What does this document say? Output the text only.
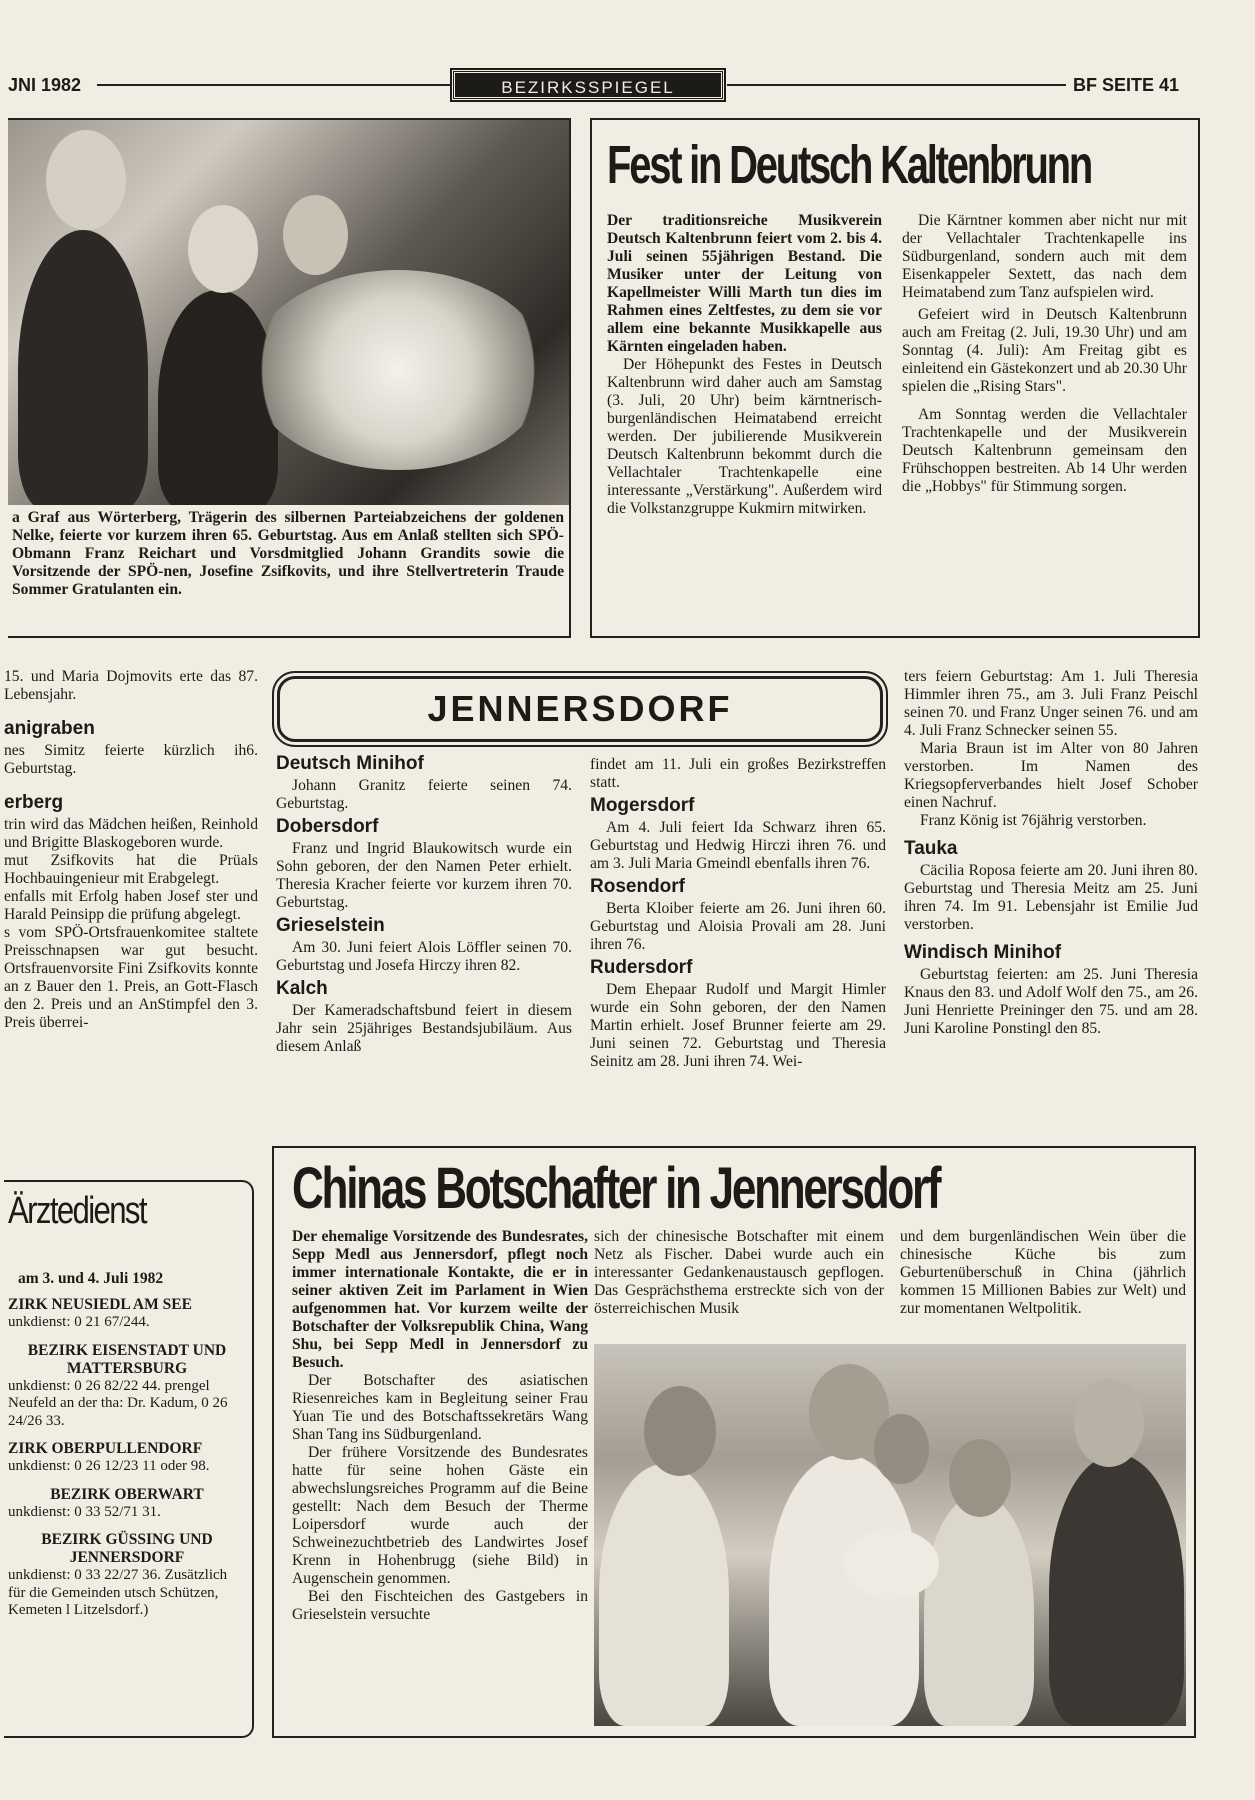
JNI 1982	BEZIRKSSPIEGEL	BF SEITE 41

a Graf aus Wörterberg, Trägerin des silbernen Parteiabzeichens der goldenen Nelke, feierte vor kurzem ihren 65. Geburtstag. Aus em Anlaß stellten sich SPÖ-Obmann Franz Reichart und Vorsdmitglied Johann Grandits sowie die Vorsitzende der SPÖ-nen, Josefine Zsifkovits, und ihre Stellvertreterin Traude Sommer Gratulanten ein.

Fest in Deutsch Kaltenbrunn

Der traditionsreiche Musikverein Deutsch Kaltenbrunn feiert vom 2. bis 4. Juli seinen 55jährigen Bestand. Die Musiker unter der Leitung von Kapellmeister Willi Marth tun dies im Rahmen eines Zeltfestes, zu dem sie vor allem eine bekannte Musikkapelle aus Kärnten eingeladen haben.

Der Höhepunkt des Festes in Deutsch Kaltenbrunn wird daher auch am Samstag (3. Juli, 20 Uhr) beim kärntnerisch-burgenländischen Heimatabend erreicht werden. Der jubilierende Musikverein Deutsch Kaltenbrunn bekommt durch die Vellachtaler Trachtenkapelle eine interessante „Verstärkung". Außerdem wird die Volkstanzgruppe Kukmirn mitwirken.

Die Kärntner kommen aber nicht nur mit der Vellachtaler Trachtenkapelle ins Südburgenland, sondern auch mit dem Eisenkappeler Sextett, das nach dem Heimatabend zum Tanz aufspielen wird.

Gefeiert wird in Deutsch Kaltenbrunn auch am Freitag (2. Juli, 19.30 Uhr) und am Sonntag (4. Juli): Am Freitag gibt es einleitend ein Gästekonzert und ab 20.30 Uhr spielen die „Rising Stars".

Am Sonntag werden die Vellachtaler Trachtenkapelle und der Musikverein Deutsch Kaltenbrunn gemeinsam den Frühschoppen bestreiten. Ab 14 Uhr werden die „Hobbys" für Stimmung sorgen.

15. und Maria Dojmovits erte das 87. Lebensjahr.

anigraben

nes Simitz feierte kürzlich ih6. Geburtstag.

erberg

trin wird das Mädchen heißen, Reinhold und Brigitte Blaskogeboren wurde.

mut Zsifkovits hat die Prüals Hochbauingenieur mit Erabgelegt.

enfalls mit Erfolg haben Josef ster und Harald Peinsipp die prüfung abgelegt.

s vom SPÖ-Ortsfrauenkomitee staltete Preisschnapsen war gut besucht. Ortsfrauenvorsite Fini Zsifkovits konnte an z Bauer den 1. Preis, an Gott-Flasch den 2. Preis und an AnStimpfel den 3. Preis überrei-

JENNERSDORF
Deutsch Minihof

Johann Granitz feierte seinen 74. Geburtstag.

Dobersdorf

Franz und Ingrid Blaukowitsch wurde ein Sohn geboren, der den Namen Peter erhielt. Theresia Kracher feierte vor kurzem ihren 70. Geburtstag.

Grieselstein

Am 30. Juni feiert Alois Löffler seinen 70. Geburtstag und Josefa Hirczy ihren 82.

Kalch

Der Kameradschaftsbund feiert in diesem Jahr sein 25jähriges Bestandsjubiläum. Aus diesem Anlaß

findet am 11. Juli ein großes Bezirkstreffen statt.

Mogersdorf

Am 4. Juli feiert Ida Schwarz ihren 65. Geburtstag und Hedwig Hirczi ihren 76. und am 3. Juli Maria Gmeindl ebenfalls ihren 76.

Rosendorf

Berta Kloiber feierte am 26. Juni ihren 60. Geburtstag und Aloisia Provali am 28. Juni ihren 76.

Rudersdorf

Dem Ehepaar Rudolf und Margit Himler wurde ein Sohn geboren, der den Namen Martin erhielt. Josef Brunner feierte am 29. Juni seinen 72. Geburtstag und Theresia Seinitz am 28. Juni ihren 74. Wei-

ters feiern Geburtstag: Am 1. Juli Theresia Himmler ihren 75., am 3. Juli Franz Peischl seinen 70. und Franz Unger seinen 76. und am 4. Juli Franz Schnecker seinen 55.

Maria Braun ist im Alter von 80 Jahren verstorben. Im Namen des Kriegsopferverbandes hielt Josef Schober einen Nachruf.

Franz König ist 76jährig verstorben.

Tauka

Cäcilia Roposa feierte am 20. Juni ihren 80. Geburtstag und Theresia Meitz am 25. Juni ihren 74. Im 91. Lebensjahr ist Emilie Jud verstorben.

Windisch Minihof

Geburtstag feierten: am 25. Juni Theresia Knaus den 83. und Adolf Wolf den 75., am 26. Juni Henriette Preininger den 75. und am 28. Juni Karoline Ponstingl den 85.

Ärztedienst
am 3. und 4. Juli 1982
ZIRK NEUSIEDL AM SEE
unkdienst: 0 21 67/244.
BEZIRK EISENSTADT UND MATTERSBURG
unkdienst: 0 26 82/22 44. prengel Neufeld an der tha: Dr. Kadum, 0 26 24/26 33.
ZIRK OBERPULLENDORF
unkdienst: 0 26 12/23 11 oder 98.
BEZIRK OBERWART
unkdienst: 0 33 52/71 31.
BEZIRK GÜSSING UND JENNERSDORF
unkdienst: 0 33 22/27 36. Zusätzlich für die Gemeinden utsch Schützen, Kemeten l Litzelsdorf.)
Chinas Botschafter in Jennersdorf

Der ehemalige Vorsitzende des Bundesrates, Sepp Medl aus Jennersdorf, pflegt noch immer internationale Kontakte, die er in seiner aktiven Zeit im Parlament in Wien aufgenommen hat. Vor kurzem weilte der Botschafter der Volksrepublik China, Wang Shu, bei Sepp Medl in Jennersdorf zu Besuch.

Der Botschafter des asiatischen Riesenreiches kam in Begleitung seiner Frau Yuan Tie und des Botschaftssekretärs Wang Shan Tang ins Südburgenland.

Der frühere Vorsitzende des Bundesrates hatte für seine hohen Gäste ein abwechslungsreiches Programm auf die Beine gestellt: Nach dem Besuch der Therme Loipersdorf wurde auch der Schweinezuchtbetrieb des Landwirtes Josef Krenn in Hohenbrugg (siehe Bild) in Augenschein genommen.

Bei den Fischteichen des Gastgebers in Grieselstein versuchte

sich der chinesische Botschafter mit einem Netz als Fischer. Dabei wurde auch ein interessanter Gedankenaustausch gepflogen. Das Gesprächsthema erstreckte sich von der österreichischen Musik

und dem burgenländischen Wein über die chinesische Küche bis zum Geburtenüberschuß in China (jährlich kommen 15 Millionen Babies zur Welt) und zur momentanen Weltpolitik.
